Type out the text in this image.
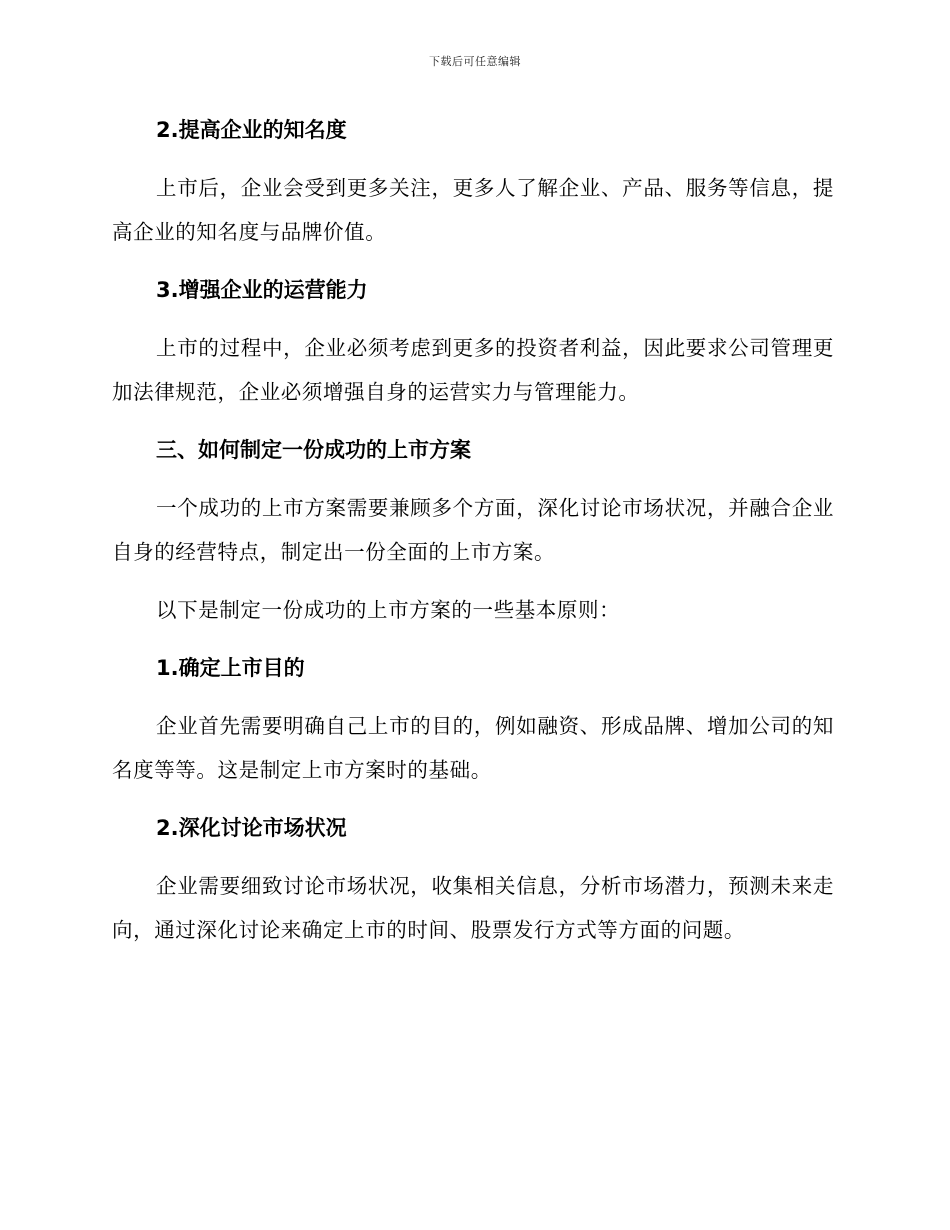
下载后可任意编辑
2.提高企业的知名度

上市后，企业会受到更多关注，更多人了解企业、产品、服务等信息，提高企业的知名度与品牌价值。

3.增强企业的运营能力

上市的过程中，企业必须考虑到更多的投资者利益，因此要求公司管理更加法律规范，企业必须增强自身的运营实力与管理能力。

三、如何制定一份成功的上市方案

一个成功的上市方案需要兼顾多个方面，深化讨论市场状况，并融合企业自身的经营特点，制定出一份全面的上市方案。

以下是制定一份成功的上市方案的一些基本原则：

1.确定上市目的

企业首先需要明确自己上市的目的，例如融资、形成品牌、增加公司的知名度等等。这是制定上市方案时的基础。

2.深化讨论市场状况

企业需要细致讨论市场状况，收集相关信息，分析市场潜力，预测未来走向，通过深化讨论来确定上市的时间、股票发行方式等方面的问题。
